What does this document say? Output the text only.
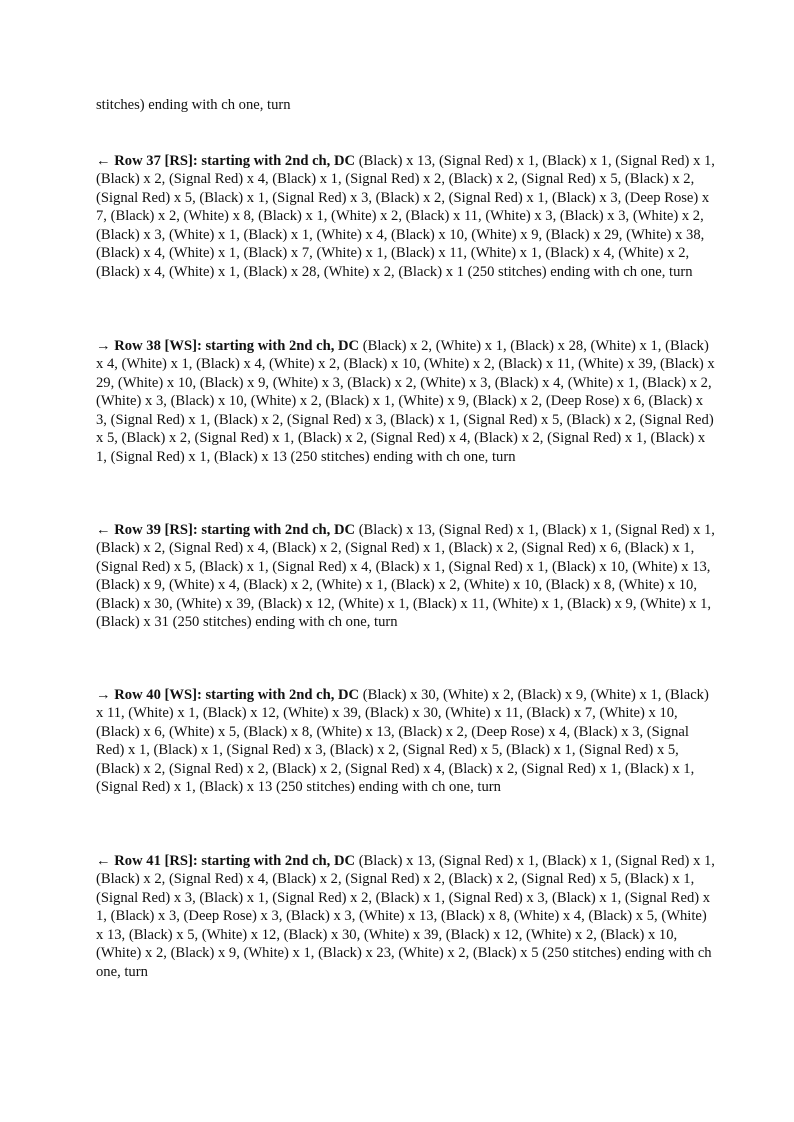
stitches) ending with ch one, turn

← Row 37 [RS]: starting with 2nd ch, DC (Black) x 13, (Signal Red) x 1, (Black) x 1, (Signal Red) x 1, (Black) x 2, (Signal Red) x 4, (Black) x 1, (Signal Red) x 2, (Black) x 2, (Signal Red) x 5, (Black) x 2, (Signal Red) x 5, (Black) x 1, (Signal Red) x 3, (Black) x 2, (Signal Red) x 1, (Black) x 3, (Deep Rose) x 7, (Black) x 2, (White) x 8, (Black) x 1, (White) x 2, (Black) x 11, (White) x 3, (Black) x 3, (White) x 2, (Black) x 3, (White) x 1, (Black) x 1, (White) x 4, (Black) x 10, (White) x 9, (Black) x 29, (White) x 38, (Black) x 4, (White) x 1, (Black) x 7, (White) x 1, (Black) x 11, (White) x 1, (Black) x 4, (White) x 2, (Black) x 4, (White) x 1, (Black) x 28, (White) x 2, (Black) x 1 (250 stitches) ending with ch one, turn

→ Row 38 [WS]: starting with 2nd ch, DC (Black) x 2, (White) x 1, (Black) x 28, (White) x 1, (Black) x 4, (White) x 1, (Black) x 4, (White) x 2, (Black) x 10, (White) x 2, (Black) x 11, (White) x 39, (Black) x 29, (White) x 10, (Black) x 9, (White) x 3, (Black) x 2, (White) x 3, (Black) x 4, (White) x 1, (Black) x 2, (White) x 3, (Black) x 10, (White) x 2, (Black) x 1, (White) x 9, (Black) x 2, (Deep Rose) x 6, (Black) x 3, (Signal Red) x 1, (Black) x 2, (Signal Red) x 3, (Black) x 1, (Signal Red) x 5, (Black) x 2, (Signal Red) x 5, (Black) x 2, (Signal Red) x 1, (Black) x 2, (Signal Red) x 4, (Black) x 2, (Signal Red) x 1, (Black) x 1, (Signal Red) x 1, (Black) x 13 (250 stitches) ending with ch one, turn

← Row 39 [RS]: starting with 2nd ch, DC (Black) x 13, (Signal Red) x 1, (Black) x 1, (Signal Red) x 1, (Black) x 2, (Signal Red) x 4, (Black) x 2, (Signal Red) x 1, (Black) x 2, (Signal Red) x 6, (Black) x 1, (Signal Red) x 5, (Black) x 1, (Signal Red) x 4, (Black) x 1, (Signal Red) x 1, (Black) x 10, (White) x 13, (Black) x 9, (White) x 4, (Black) x 2, (White) x 1, (Black) x 2, (White) x 10, (Black) x 8, (White) x 10, (Black) x 30, (White) x 39, (Black) x 12, (White) x 1, (Black) x 11, (White) x 1, (Black) x 9, (White) x 1, (Black) x 31 (250 stitches) ending with ch one, turn

→ Row 40 [WS]: starting with 2nd ch, DC (Black) x 30, (White) x 2, (Black) x 9, (White) x 1, (Black) x 11, (White) x 1, (Black) x 12, (White) x 39, (Black) x 30, (White) x 11, (Black) x 7, (White) x 10, (Black) x 6, (White) x 5, (Black) x 8, (White) x 13, (Black) x 2, (Deep Rose) x 4, (Black) x 3, (Signal Red) x 1, (Black) x 1, (Signal Red) x 3, (Black) x 2, (Signal Red) x 5, (Black) x 1, (Signal Red) x 5, (Black) x 2, (Signal Red) x 2, (Black) x 2, (Signal Red) x 4, (Black) x 2, (Signal Red) x 1, (Black) x 1, (Signal Red) x 1, (Black) x 13 (250 stitches) ending with ch one, turn

← Row 41 [RS]: starting with 2nd ch, DC (Black) x 13, (Signal Red) x 1, (Black) x 1, (Signal Red) x 1, (Black) x 2, (Signal Red) x 4, (Black) x 2, (Signal Red) x 2, (Black) x 2, (Signal Red) x 5, (Black) x 1, (Signal Red) x 3, (Black) x 1, (Signal Red) x 2, (Black) x 1, (Signal Red) x 3, (Black) x 1, (Signal Red) x 1, (Black) x 3, (Deep Rose) x 3, (Black) x 3, (White) x 13, (Black) x 8, (White) x 4, (Black) x 5, (White) x 13, (Black) x 5, (White) x 12, (Black) x 30, (White) x 39, (Black) x 12, (White) x 2, (Black) x 10, (White) x 2, (Black) x 9, (White) x 1, (Black) x 23, (White) x 2, (Black) x 5 (250 stitches) ending with ch one, turn
